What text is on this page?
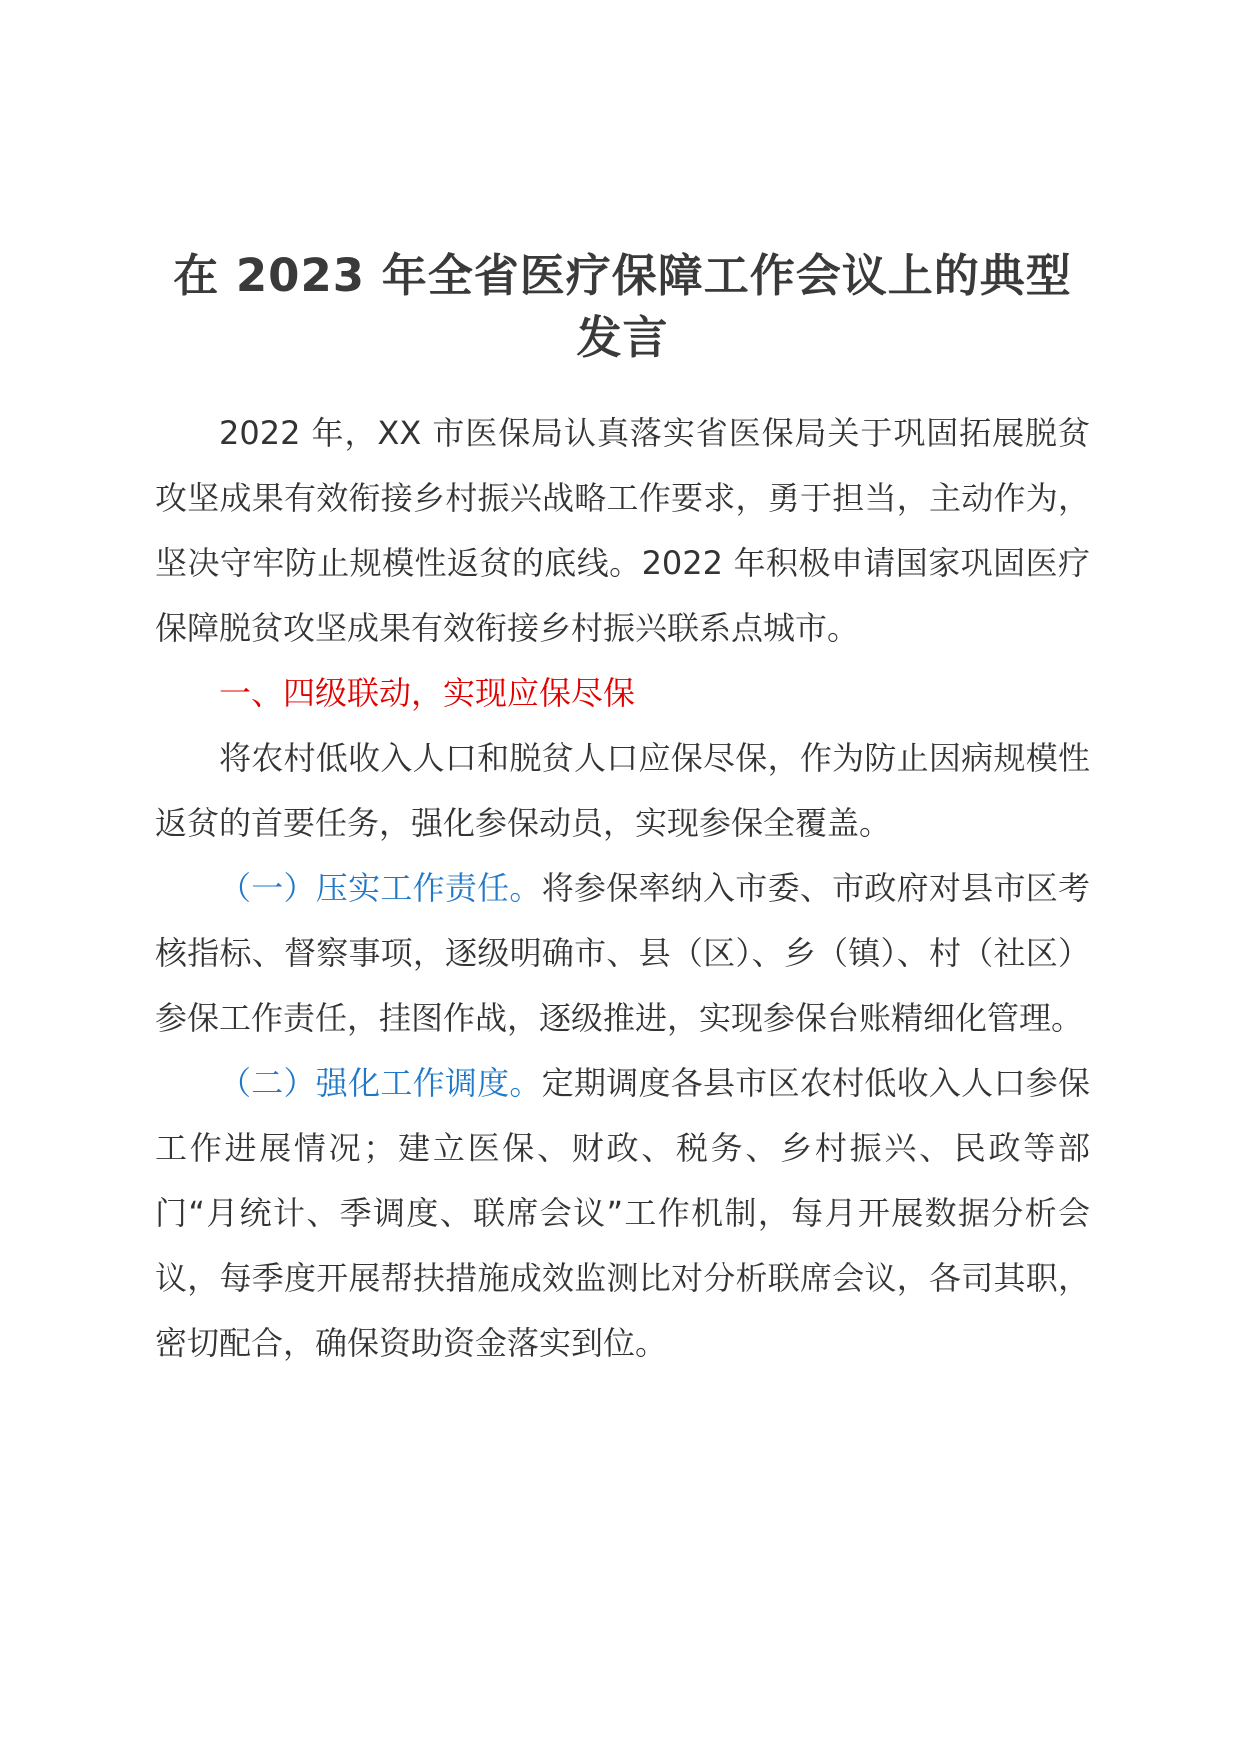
在 2023 年全省医疗保障工作会议上的典型发言

2022 年，XX 市医保局认真落实省医保局关于巩固拓展脱贫攻坚成果有效衔接乡村振兴战略工作要求，勇于担当，主动作为，坚决守牢防止规模性返贫的底线。2022 年积极申请国家巩固医疗保障脱贫攻坚成果有效衔接乡村振兴联系点城市。

一、四级联动，实现应保尽保

将农村低收入人口和脱贫人口应保尽保，作为防止因病规模性返贫的首要任务，强化参保动员，实现参保全覆盖。

（一）压实工作责任。将参保率纳入市委、市政府对县市区考核指标、督察事项，逐级明确市、县（区）、乡（镇）、村（社区）参保工作责任，挂图作战，逐级推进，实现参保台账精细化管理。

（二）强化工作调度。定期调度各县市区农村低收入人口参保工作进展情况；建立医保、财政、税务、乡村振兴、民政等部门“月统计、季调度、联席会议”工作机制，每月开展数据分析会议，每季度开展帮扶措施成效监测比对分析联席会议，各司其职，密切配合，确保资助资金落实到位。
